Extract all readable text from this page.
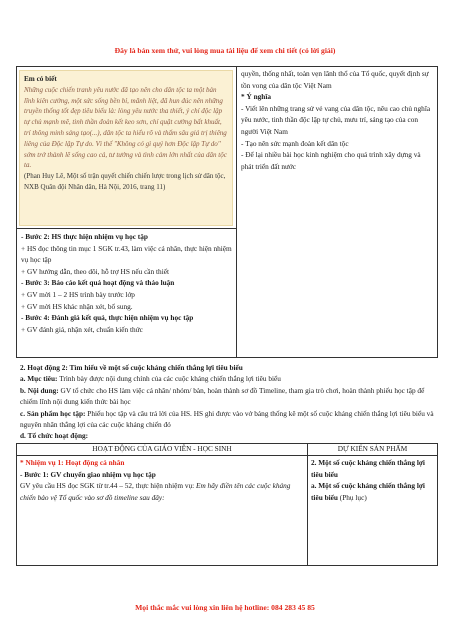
Đây là bản xem thử, vui lòng mua tài liệu để xem chi tiết (có lời giải)
Em có biết
Những cuộc chiến tranh yêu nước đã tạo nên cho dân tộc ta một bản lĩnh kiên cường, một sức sống bền bỉ, mãnh liệt, đã hun đúc nên những truyền thống tốt đẹp tiêu biểu là: lòng yêu nước tha thiết, ý chí độc lập tự chủ mạnh mẽ, tinh thần đoàn kết keo sơn, chí quật cường bất khuất, trí thông minh sáng tạo(...), dân tộc ta hiểu rõ và thấm sâu giá trị thiêng liêng của Độc lập Tự do. Vì thế "Không có gì quý hơn Độc lập Tự do" sớm trở thành lẽ sống cao cả, tư tưởng và tình cảm lớn nhất của dân tộc ta.
(Phan Huy Lê, Một số trận quyết chiến chiến lược trong lịch sử dân tộc, NXB Quân đội Nhân dân, Hà Nội, 2016, trang 11)
- Bước 2: HS thực hiện nhiệm vụ học tập
+ HS đọc thông tin mục 1 SGK tr.43, làm việc cá nhân, thực hiện nhiệm vụ học tập
+ GV hướng dẫn, theo dõi, hỗ trợ HS nếu cần thiết
- Bước 3: Báo cáo kết quả hoạt động và thảo luận
+ GV mời 1 – 2 HS trình bày trước lớp
+ GV mời HS khác nhận xét, bổ sung.
- Bước 4: Đánh giá kết quả, thực hiện nhiệm vụ học tập
+ GV đánh giá, nhận xét, chuẩn kiến thức
quyền, thống nhất, toàn vẹn lãnh thổ của Tổ quốc, quyết định sự tồn vong của dân tộc Việt Nam
* Ý nghĩa
- Viết lên những trang sử vẻ vang của dân tộc, nêu cao chủ nghĩa yêu nước, tinh thần độc lập tự chủ, mưu trí, sáng tạo của con người Việt Nam
- Tạo nên sức mạnh đoàn kết dân tộc
- Để lại nhiều bài học kinh nghiệm cho quá trình xây dựng và phát triển đất nước
2. Hoạt động 2: Tìm hiểu về một số cuộc kháng chiến thắng lợi tiêu biểu
a. Mục tiêu: Trình bày được nội dung chính của các cuộc kháng chiến thắng lợi tiêu biểu
b. Nội dung: GV tổ chức cho HS làm việc cá nhân/ nhóm/ bàn, hoàn thành sơ đồ Timeline, tham gia trò chơi, hoàn thành phiếu học tập để chiếm lĩnh nội dung kiến thức bài học
c. Sản phẩm học tập: Phiếu học tập và câu trả lời của HS. HS ghi được vào vở bảng thống kê một số cuộc kháng chiến thắng lợi tiêu biểu và nguyên nhân thắng lợi của các cuộc kháng chiến đó
d. Tổ chức hoạt động:
HOẠT ĐỘNG CỦA GIÁO VIÊN - HỌC SINH	DỰ KIẾN SẢN PHẨM
* Nhiệm vụ 1: Hoạt động cá nhân
- Bước 1: GV chuyển giao nhiệm vụ học tập
GV yêu cầu HS đọc SGK từ tr.44 – 52, thực hiện nhiệm vụ: Em hãy điền tên các cuộc kháng chiến bảo vệ Tổ quốc vào sơ đồ timeline sau đây:
2. Một số cuộc kháng chiến thắng lợi tiêu biểu
a. Một số cuộc kháng chiến thắng lợi tiêu biểu (Phụ lục)
Mọi thắc mắc vui lòng xin liên hệ hotline: 084 283 45 85
